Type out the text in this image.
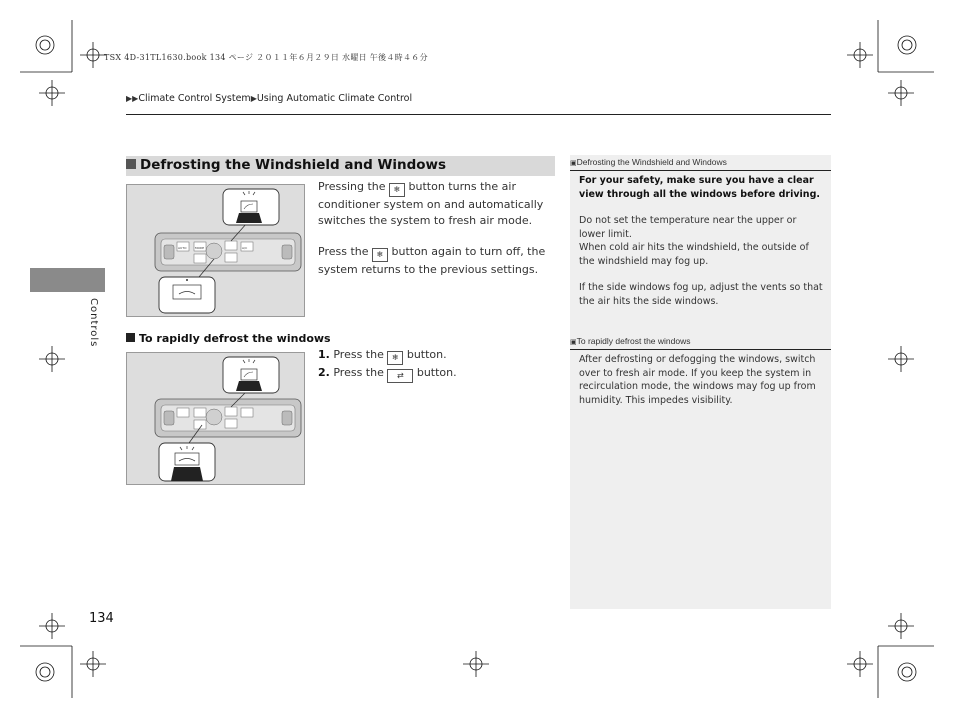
TSX 4D-31TL1630.book 134 ページ ２０１１年６月２９日 水曜日 午後４時４６分
▶▶Climate Control System▶Using Automatic Climate Control
Controls
Defrosting the Windshield and Windows
AUTO	MODE	A/C
Pressing the ❄ button turns the air conditioner system on and automatically switches the system to fresh air mode.
Press the ❄ button again to turn off, the system returns to the previous settings.
To rapidly defrost the windows
1. Press the ❄ button.
2. Press the ⇄ button.
▣Defrosting the Windshield and Windows

For your safety, make sure you have a clear view through all the windows before driving.

Do not set the temperature near the upper or lower limit.

When cold air hits the windshield, the outside of the windshield may fog up.

If the side windows fog up, adjust the vents so that the air hits the side windows.

▣To rapidly defrost the windows

After defrosting or defogging the windows, switch over to fresh air mode. If you keep the system in recirculation mode, the windows may fog up from humidity. This impedes visibility.

134
